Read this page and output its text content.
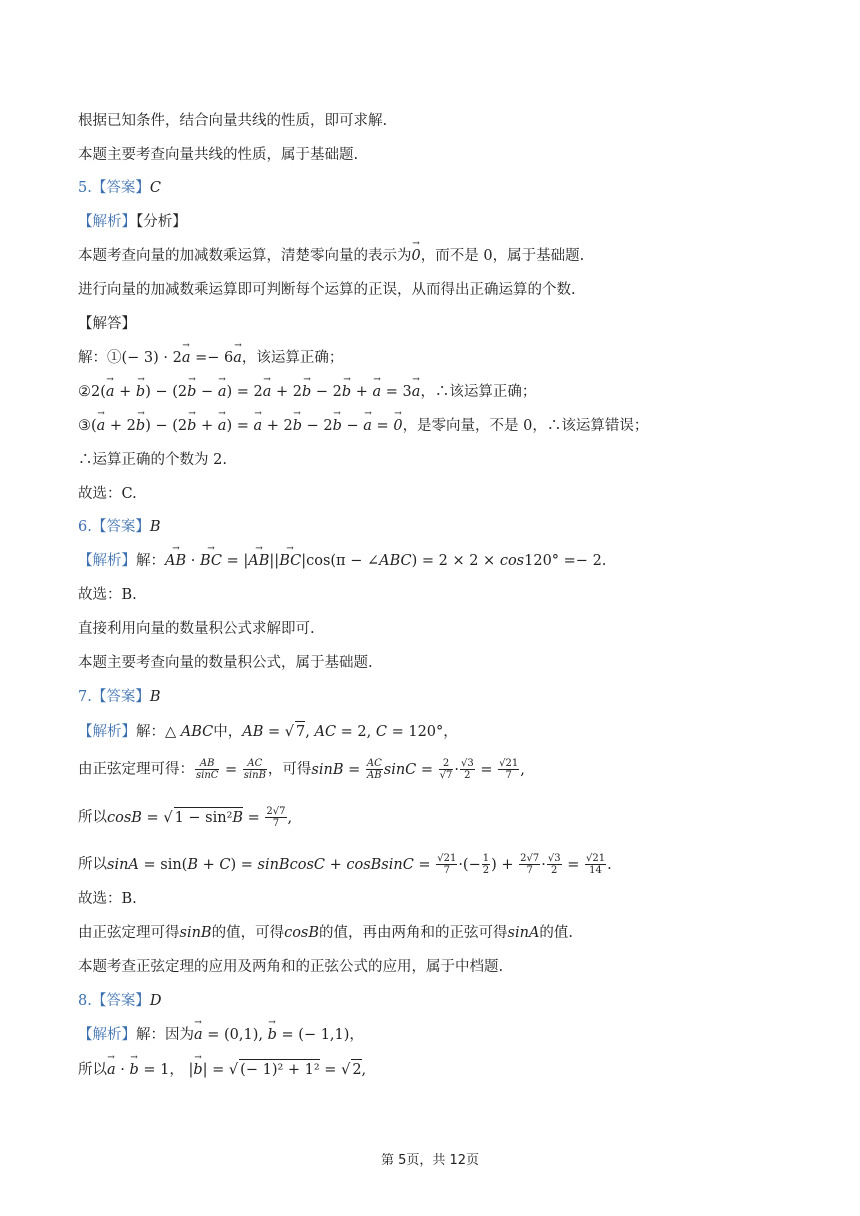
根据已知条件，结合向量共线的性质，即可求解.
本题主要考查向量共线的性质，属于基础题.
5.【答案】C
【解析】【分析】
本题考查向量的加减数乘运算，清楚零向量的表示为0 →，而不是 0，属于基础题.
进行向量的加减数乘运算即可判断每个运算的正误，从而得出正确运算的个数.
【解答】
解：①(− 3) · 2a → =− 6a →，该运算正确；
②2(a → + b →) − (2b → − a →) = 2a → + 2b → − 2b → + a → = 3a →，∴该运算正确；
③(a → + 2b →) − (2b → + a →) = a → + 2b → − 2b → − a → = 0 →，是零向量，不是 0，∴该运算错误；
∴运算正确的个数为 2.
故选：C.
6.【答案】B
【解析】解：AB → · BC → = |AB →||BC →|cos(π − ∠ABC) = 2 × 2 × cos120° =− 2.
故选：B.
直接利用向量的数量积公式求解即可.
本题主要考查向量的数量积公式，属于基础题.
7.【答案】B
【解析】解：△ ABC中，AB = √ 7, AC = 2, C = 120°，
由正弦定理可得： $\frac{AB}{\sin C} = \frac{AC}{\sin B}$ ，可得$\sin B = \frac{AC}{AB}$ $\sin C = \frac{2}{√7} \cdot \frac{√3}{2} = \frac{√21}{7}$ ,
所以cosB = √ $1 - \sin^2B = \frac{2√7}{7}$ ,
所以sinA = sin(B + C) = sinBcosC + cosBsinC = $\frac{√21}{7}$ ·(− $\frac{1}{2}$ ) + $\frac{2√7}{7} \cdot \frac{√3}{2} = \frac{√21}{14}$ .
故选：B.
由正弦定理可得sinB的值，可得cosB的值，再由两角和的正弦可得sinA的值.
本题考查正弦定理的应用及两角和的正弦公式的应用，属于中档题.
8.【答案】D
【解析】解：因为a → = (0,1), b → = (− 1,1)，
所以a → · b → = 1， |b →| = √ (− 1)² + 1² = √ 2,
第 5页，共 12页
